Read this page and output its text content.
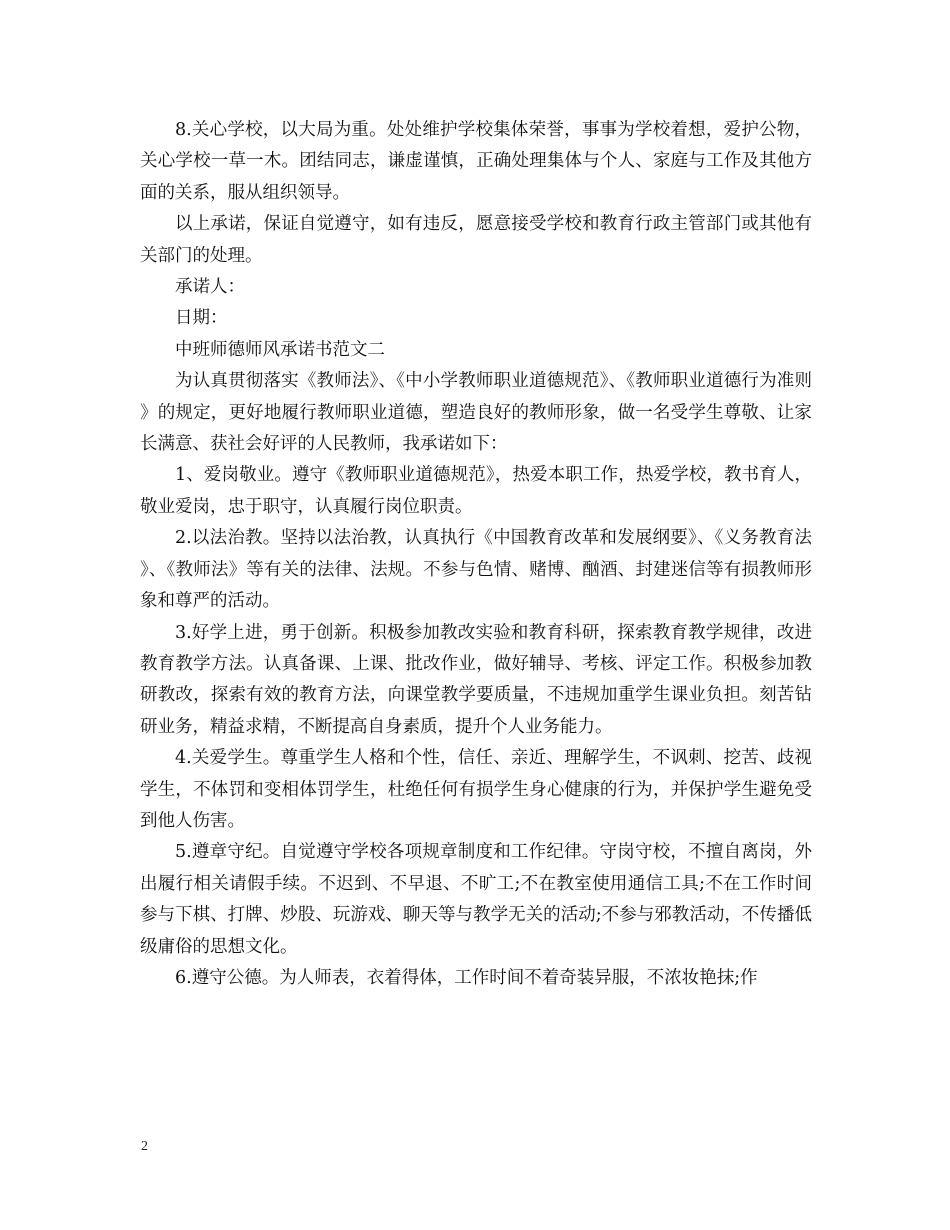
8.关心学校，以大局为重。处处维护学校集体荣誉，事事为学校着想，爱护公物，关心学校一草一木。团结同志，谦虚谨慎，正确处理集体与个人、家庭与工作及其他方面的关系，服从组织领导。

以上承诺，保证自觉遵守，如有违反，愿意接受学校和教育行政主管部门或其他有关部门的处理。

承诺人：

日期：

中班师德师风承诺书范文二

为认真贯彻落实《教师法》、《中小学教师职业道德规范》、《教师职业道德行为准则》的规定，更好地履行教师职业道德，塑造良好的教师形象，做一名受学生尊敬、让家长满意、获社会好评的人民教师，我承诺如下：

1、爱岗敬业。遵守《教师职业道德规范》，热爱本职工作，热爱学校，教书育人，敬业爱岗，忠于职守，认真履行岗位职责。

2.以法治教。坚持以法治教，认真执行《中国教育改革和发展纲要》、《义务教育法》、《教师法》等有关的法律、法规。不参与色情、赌博、酗酒、封建迷信等有损教师形象和尊严的活动。

3.好学上进，勇于创新。积极参加教改实验和教育科研，探索教育教学规律，改进教育教学方法。认真备课、上课、批改作业，做好辅导、考核、评定工作。积极参加教研教改，探索有效的教育方法，向课堂教学要质量，不违规加重学生课业负担。刻苦钻研业务，精益求精，不断提高自身素质，提升个人业务能力。

4.关爱学生。尊重学生人格和个性，信任、亲近、理解学生，不讽刺、挖苦、歧视学生，不体罚和变相体罚学生，杜绝任何有损学生身心健康的行为，并保护学生避免受到他人伤害。

5.遵章守纪。自觉遵守学校各项规章制度和工作纪律。守岗守校，不擅自离岗，外出履行相关请假手续。不迟到、不早退、不旷工;不在教室使用通信工具;不在工作时间参与下棋、打牌、炒股、玩游戏、聊天等与教学无关的活动;不参与邪教活动，不传播低级庸俗的思想文化。

6.遵守公德。为人师表，衣着得体，工作时间不着奇装异服，不浓妆艳抹;作

2
